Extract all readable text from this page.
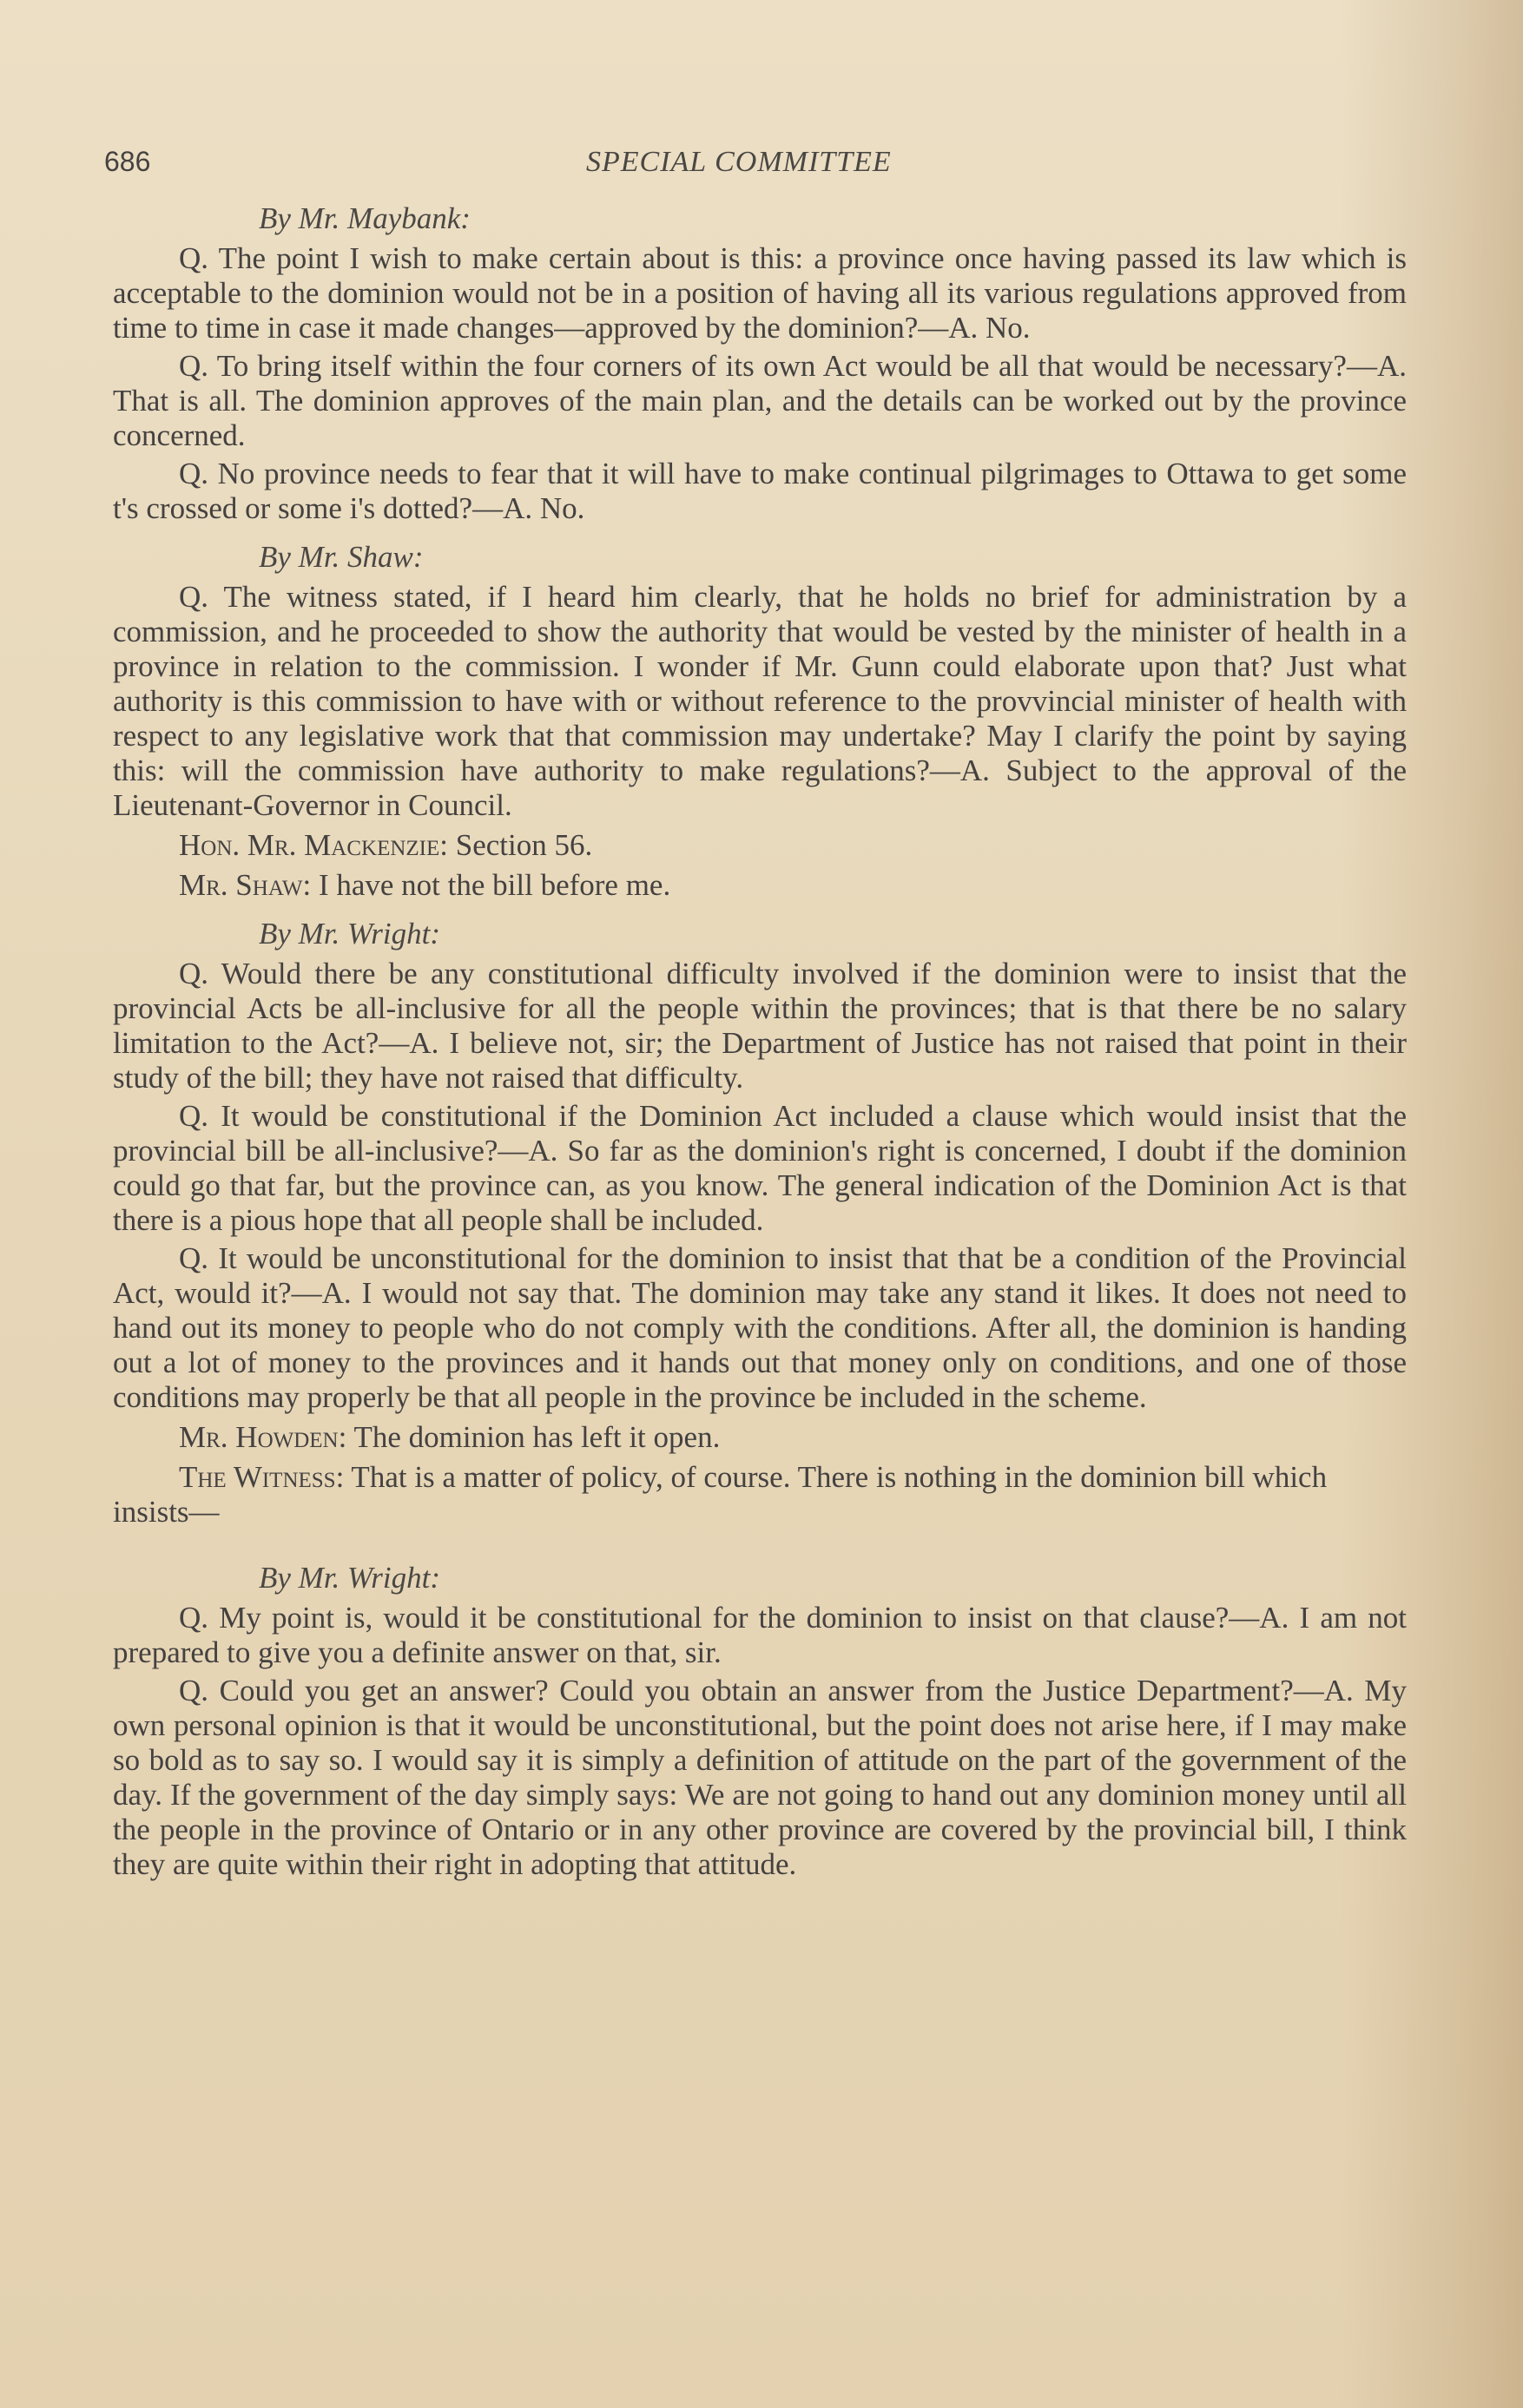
686	SPECIAL COMMITTEE
By Mr. Maybank:

Q. The point I wish to make certain about is this: a province once having passed its law which is acceptable to the dominion would not be in a position of having all its various regulations approved from time to time in case it made changes—approved by the dominion?—A. No.

Q. To bring itself within the four corners of its own Act would be all that would be necessary?—A. That is all. The dominion approves of the main plan, and the details can be worked out by the province concerned.

Q. No province needs to fear that it will have to make continual pilgrimages to Ottawa to get some t's crossed or some i's dotted?—A. No.

By Mr. Shaw:

Q. The witness stated, if I heard him clearly, that he holds no brief for administration by a commission, and he proceeded to show the authority that would be vested by the minister of health in a province in relation to the commission. I wonder if Mr. Gunn could elaborate upon that? Just what authority is this commission to have with or without reference to the provvincial minister of health with respect to any legislative work that that commission may undertake? May I clarify the point by saying this: will the commission have authority to make regulations?—A. Subject to the approval of the Lieutenant-Governor in Council.

Hon. Mr. Mackenzie: Section 56.

Mr. Shaw: I have not the bill before me.

By Mr. Wright:

Q. Would there be any constitutional difficulty involved if the dominion were to insist that the provincial Acts be all-inclusive for all the people within the provinces; that is that there be no salary limitation to the Act?—A. I believe not, sir; the Department of Justice has not raised that point in their study of the bill; they have not raised that difficulty.

Q. It would be constitutional if the Dominion Act included a clause which would insist that the provincial bill be all-inclusive?—A. So far as the dominion's right is concerned, I doubt if the dominion could go that far, but the province can, as you know. The general indication of the Dominion Act is that there is a pious hope that all people shall be included.

Q. It would be unconstitutional for the dominion to insist that that be a condition of the Provincial Act, would it?—A. I would not say that. The dominion may take any stand it likes. It does not need to hand out its money to people who do not comply with the conditions. After all, the dominion is handing out a lot of money to the provinces and it hands out that money only on conditions, and one of those conditions may properly be that all people in the province be included in the scheme.

Mr. Howden: The dominion has left it open.

The Witness: That is a matter of policy, of course. There is nothing in the dominion bill which insists—

By Mr. Wright:

Q. My point is, would it be constitutional for the dominion to insist on that clause?—A. I am not prepared to give you a definite answer on that, sir.

Q. Could you get an answer? Could you obtain an answer from the Justice Department?—A. My own personal opinion is that it would be unconstitutional, but the point does not arise here, if I may make so bold as to say so. I would say it is simply a definition of attitude on the part of the government of the day. If the government of the day simply says: We are not going to hand out any dominion money until all the people in the province of Ontario or in any other province are covered by the provincial bill, I think they are quite within their right in adopting that attitude.
